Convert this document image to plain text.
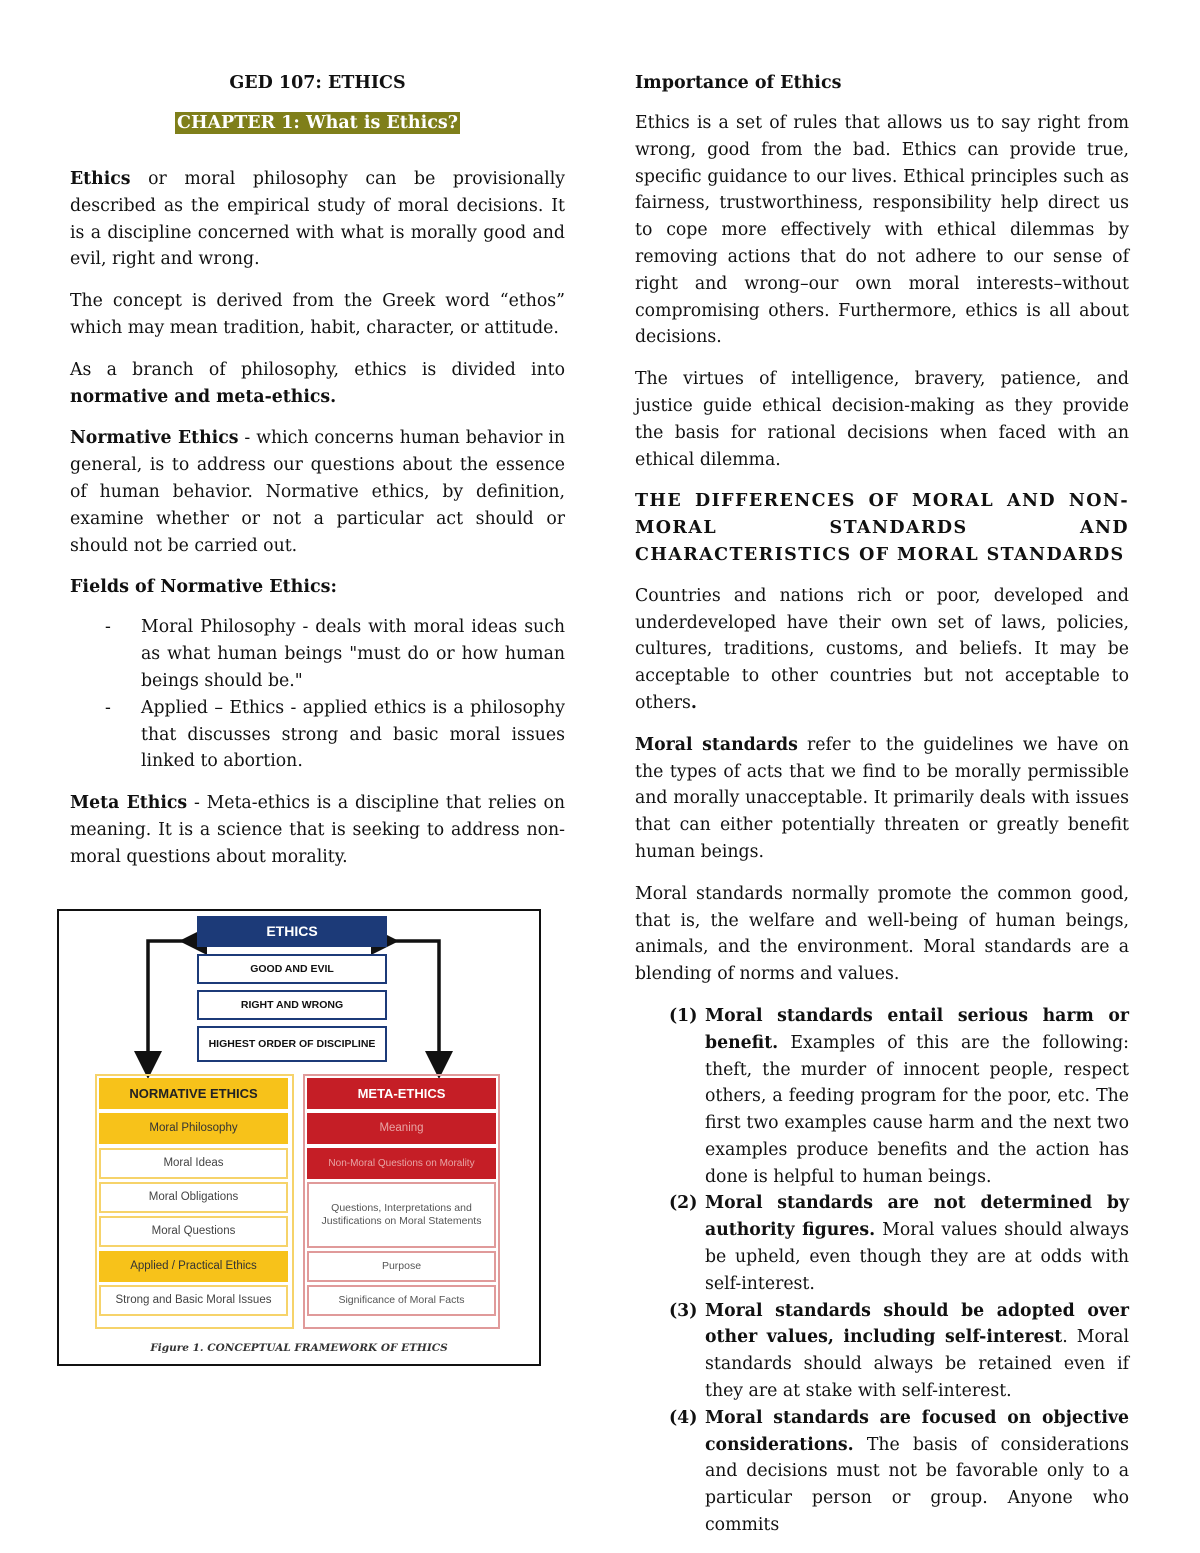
GED 107: ETHICS

CHAPTER 1: What is Ethics?

Ethics or moral philosophy can be provisionally described as the empirical study of moral decisions. It is a discipline concerned with what is morally good and evil, right and wrong.

The concept is derived from the Greek word “ethos” which may mean tradition, habit, character, or attitude.

As a branch of philosophy, ethics is divided into normative and meta-ethics.

Normative Ethics - which concerns human behavior in general, is to address our questions about the essence of human behavior. Normative ethics, by definition, examine whether or not a particular act should or should not be carried out.

Fields of Normative Ethics:

- Moral Philosophy - deals with moral ideas such as what human beings "must do or how human beings should be."
- Applied – Ethics - applied ethics is a philosophy that discusses strong and basic moral issues linked to abortion.

Meta Ethics - Meta-ethics is a discipline that relies on meaning. It is a science that is seeking to address non-moral questions about morality.

ETHICS
GOOD AND EVIL
RIGHT AND WRONG
HIGHEST ORDER OF DISCIPLINE
NORMATIVE ETHICS
Moral Philosophy
Moral Ideas
Moral Obligations
Moral Questions
Applied / Practical Ethics
Strong and Basic Moral Issues
META-ETHICS
Meaning
Non-Moral Questions on Morality
Questions, Interpretations and Justifications on Moral Statements
Purpose
Significance of Moral Facts
Figure 1. CONCEPTUAL FRAMEWORK OF ETHICS

Importance of Ethics

Ethics is a set of rules that allows us to say right from wrong, good from the bad. Ethics can provide true, specific guidance to our lives. Ethical principles such as fairness, trustworthiness, responsibility help direct us to cope more effectively with ethical dilemmas by removing actions that do not adhere to our sense of right and wrong–our own moral interests–without compromising others. Furthermore, ethics is all about decisions.

The virtues of intelligence, bravery, patience, and justice guide ethical decision-making as they provide the basis for rational decisions when faced with an ethical dilemma.

THE DIFFERENCES OF MORAL AND NON-MORAL STANDARDS AND CHARACTERISTICS OF MORAL STANDARDS

Countries and nations rich or poor, developed and underdeveloped have their own set of laws, policies, cultures, traditions, customs, and beliefs. It may be acceptable to other countries but not acceptable to others.

Moral standards refer to the guidelines we have on the types of acts that we find to be morally permissible and morally unacceptable. It primarily deals with issues that can either potentially threaten or greatly benefit human beings.

Moral standards normally promote the common good, that is, the welfare and well-being of human beings, animals, and the environment. Moral standards are a blending of norms and values.

(1) Moral standards entail serious harm or benefit. Examples of this are the following: theft, the murder of innocent people, respect others, a feeding program for the poor, etc. The first two examples cause harm and the next two examples produce benefits and the action has done is helpful to human beings.
(2) Moral standards are not determined by authority figures. Moral values should always be upheld, even though they are at odds with self-interest.
(3) Moral standards should be adopted over other values, including self-interest. Moral standards should always be retained even if they are at stake with self-interest.
(4) Moral standards are focused on objective considerations. The basis of considerations and decisions must not be favorable only to a particular person or group. Anyone who commits
